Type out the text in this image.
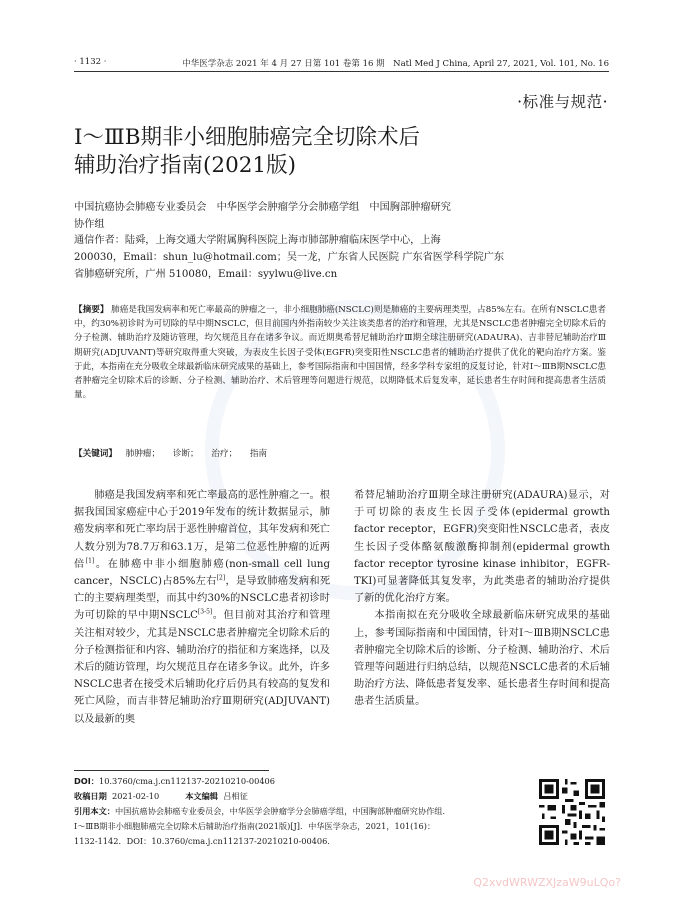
· 1132 ·	中华医学杂志 2021 年 4 月 27 日第 101 卷第 16 期　Natl Med J China, April 27, 2021, Vol. 101, No. 16
·标准与规范·
Ⅰ～ⅢB期非小细胞肺癌完全切除术后
辅助治疗指南(2021版)
中国抗癌协会肺癌专业委员会　中华医学会肿瘤学分会肺癌学组　中国胸部肿瘤研究
协作组
通信作者：陆舜，上海交通大学附属胸科医院上海市肺部肿瘤临床医学中心，上海
200030，Email：shun_lu@hotmail.com；吴一龙，广东省人民医院 广东省医学科学院广东
省肺癌研究所，广州 510080，Email：syylwu@live.cn
【摘要】 肺癌是我国发病率和死亡率最高的肿瘤之一，非小细胞肺癌(NSCLC)则是肺癌的主要病理类型，占85%左右。在所有NSCLC患者中，约30%初诊时为可切除的早中期NSCLC，但目前国内外指南较少关注该类患者的治疗和管理，尤其是NSCLC患者肿瘤完全切除术后的分子检测、辅助治疗及随访管理，均欠规范且存在诸多争议。而近期奥希替尼辅助治疗Ⅲ期全球注册研究(ADAURA)、吉非替尼辅助治疗Ⅲ期研究(ADJUVANT)等研究取得重大突破，为表皮生长因子受体(EGFR)突变阳性NSCLC患者的辅助治疗提供了优化的靶向治疗方案。鉴于此，本指南在充分吸收全球最新临床研究成果的基础上，参考国际指南和中国国情，经多学科专家组的反复讨论，针对Ⅰ～ⅢB期NSCLC患者肿瘤完全切除术后的诊断、分子检测、辅助治疗、术后管理等问题进行规范，以期降低术后复发率，延长患者生存时间和提高患者生活质量。
【关键词】 肺肿瘤； 诊断； 治疗； 指南

肺癌是我国发病率和死亡率最高的恶性肿瘤之一。根据我国国家癌症中心于2019年发布的统计数据显示，肺癌发病率和死亡率均居于恶性肿瘤首位，其年发病和死亡人数分别为78.7万和63.1万，是第二位恶性肿瘤的近两倍[1]。在肺癌中非小细胞肺癌(non-small cell lung cancer，NSCLC)占85%左右[2]，是导致肺癌发病和死亡的主要病理类型，而其中约30%的NSCLC患者初诊时为可切除的早中期NSCLC[3-5]。但目前对其治疗和管理关注相对较少，尤其是NSCLC患者肿瘤完全切除术后的分子检测指征和内容、辅助治疗的指征和方案选择，以及术后的随访管理，均欠规范且存在诸多争议。此外，许多NSCLC患者在接受术后辅助化疗后仍具有较高的复发和死亡风险，而吉非替尼辅助治疗Ⅲ期研究(ADJUVANT)以及最新的奥

希替尼辅助治疗Ⅲ期全球注册研究(ADAURA)显示，对于可切除的表皮生长因子受体(epidermal growth factor receptor，EGFR)突变阳性NSCLC患者，表皮生长因子受体酪氨酸激酶抑制剂(epidermal growth factor receptor tyrosine kinase inhibitor，EGFR-TKI)可显著降低其复发率，为此类患者的辅助治疗提供了新的优化治疗方案。

本指南拟在充分吸收全球最新临床研究成果的基础上，参考国际指南和中国国情，针对Ⅰ～ⅢB期NSCLC患者肿瘤完全切除术后的诊断、分子检测、辅助治疗、术后管理等问题进行归纳总结，以规范NSCLC患者的术后辅助治疗方法、降低患者复发率、延长患者生存时间和提高患者生活质量。

DOI：10.3760/cma.j.cn112137-20210210-00406
收稿日期 2021-02-10	本文编辑 吕相征
引用本文：中国抗癌协会肺癌专业委员会，中华医学会肿瘤学分会肺癌学组，中国胸部肿瘤研究协作组．
Ⅰ～ⅢB期非小细胞肺癌完全切除术后辅助治疗指南(2021版)[J]．中华医学杂志，2021，101(16)：
1132-1142．DOI：10.3760/cma.j.cn112137-20210210-00406.
Q2xvdWRWZXJzaW9uLQo?
